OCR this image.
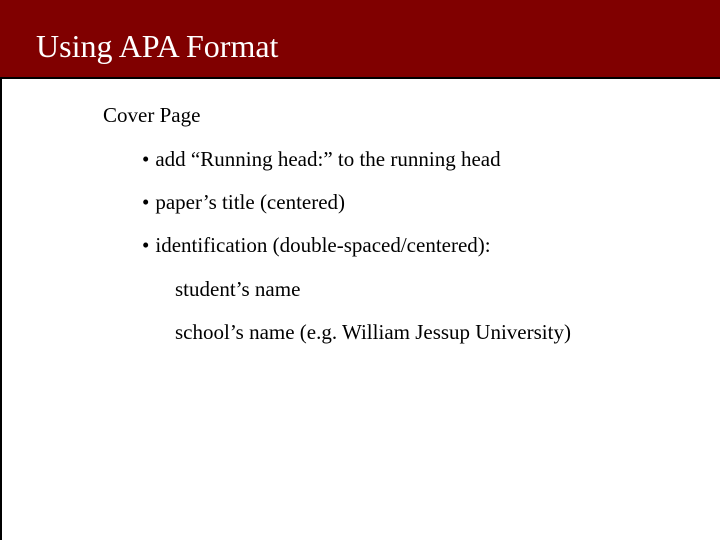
Using APA Format
Cover Page
• add “Running head:” to the running head
• paper’s title (centered)
• identification (double-spaced/centered):
student’s name
school’s name (e.g. William Jessup University)
